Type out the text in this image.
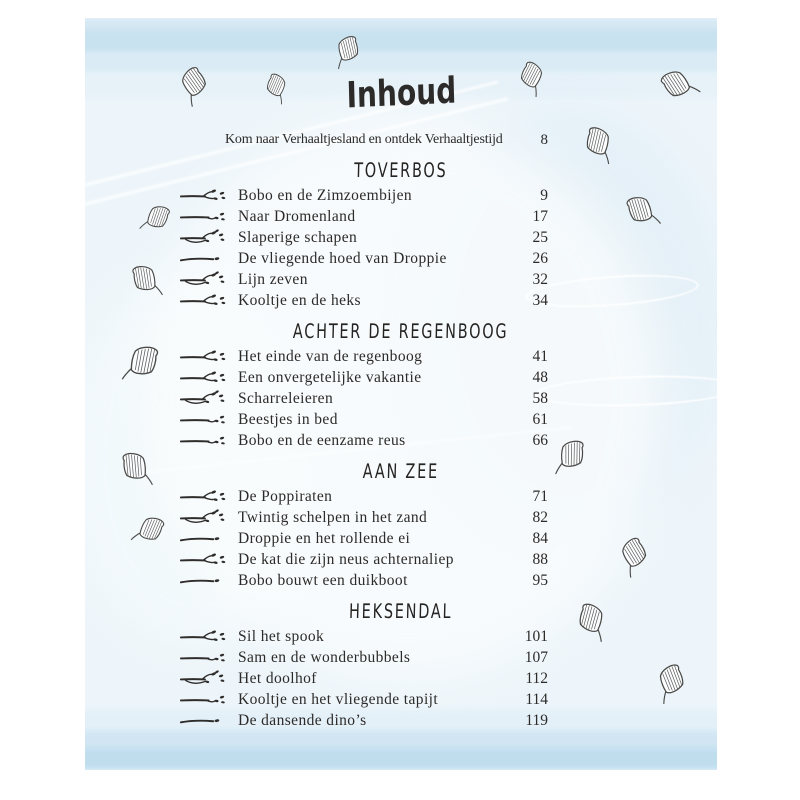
Inhoud
Kom naar Verhaaltjesland en ontdek Verhaaltjestijd	8
TOVERBOS
Bobo en de Zimzoembijen	9
Naar Dromenland	17
Slaperige schapen	25
De vliegende hoed van Droppie	26
Lijn zeven	32
Kooltje en de heks	34
ACHTER DE REGENBOOG
Het einde van de regenboog	41
Een onvergetelijke vakantie	48
Scharreleieren	58
Beestjes in bed	61
Bobo en de eenzame reus	66
AAN ZEE
De Poppiraten	71
Twintig schelpen in het zand	82
Droppie en het rollende ei	84
De kat die zijn neus achternaliep	88
Bobo bouwt een duikboot	95
HEKSENDAL
Sil het spook	101
Sam en de wonderbubbels	107
Het doolhof	112
Kooltje en het vliegende tapijt	114
De dansende dino’s	119
